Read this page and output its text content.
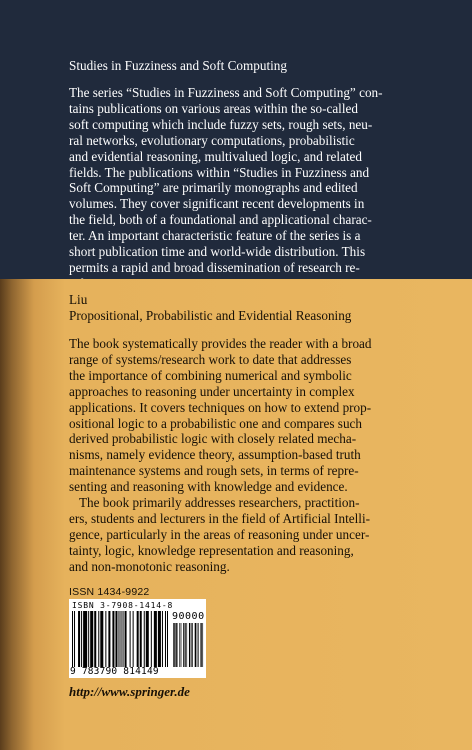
Studies in Fuzziness and Soft Computing
The series “Studies in Fuzziness and Soft Computing” con-
tains publications on various areas within the so-called
soft computing which include fuzzy sets, rough sets, neu-
ral networks, evolutionary computations, probabilistic
and evidential reasoning, multivalued logic, and related
fields. The publications within “Studies in Fuzziness and
Soft Computing” are primarily monographs and edited
volumes. They cover significant recent developments in
the field, both of a foundational and applicational charac-
ter. An important characteristic feature of the series is a
short publication time and world-wide distribution. This
permits a rapid and broad dissemination of research re-
Liu
Propositional, Probabilistic and Evidential Reasoning
The book systematically provides the reader with a broad
range of systems/research work to date that addresses
the importance of combining numerical and symbolic
approaches to reasoning under uncertainty in complex
applications. It covers techniques on how to extend prop-
ositional logic to a probabilistic one and compares such
derived probabilistic logic with closely related mecha-
nisms, namely evidence theory, assumption-based truth
maintenance systems and rough sets, in terms of repre-
senting and reasoning with knowledge and evidence.
The book primarily addresses researchers, practition-
ers, students and lecturers in the field of Artificial Intelli-
gence, particularly in the areas of reasoning under uncer-
tainty, logic, knowledge representation and reasoning,
and non-monotonic reasoning.
ISSN 1434-9922
ISBN 3-7908-1414-8
90000
9 783790 814149
http://www.springer.de
